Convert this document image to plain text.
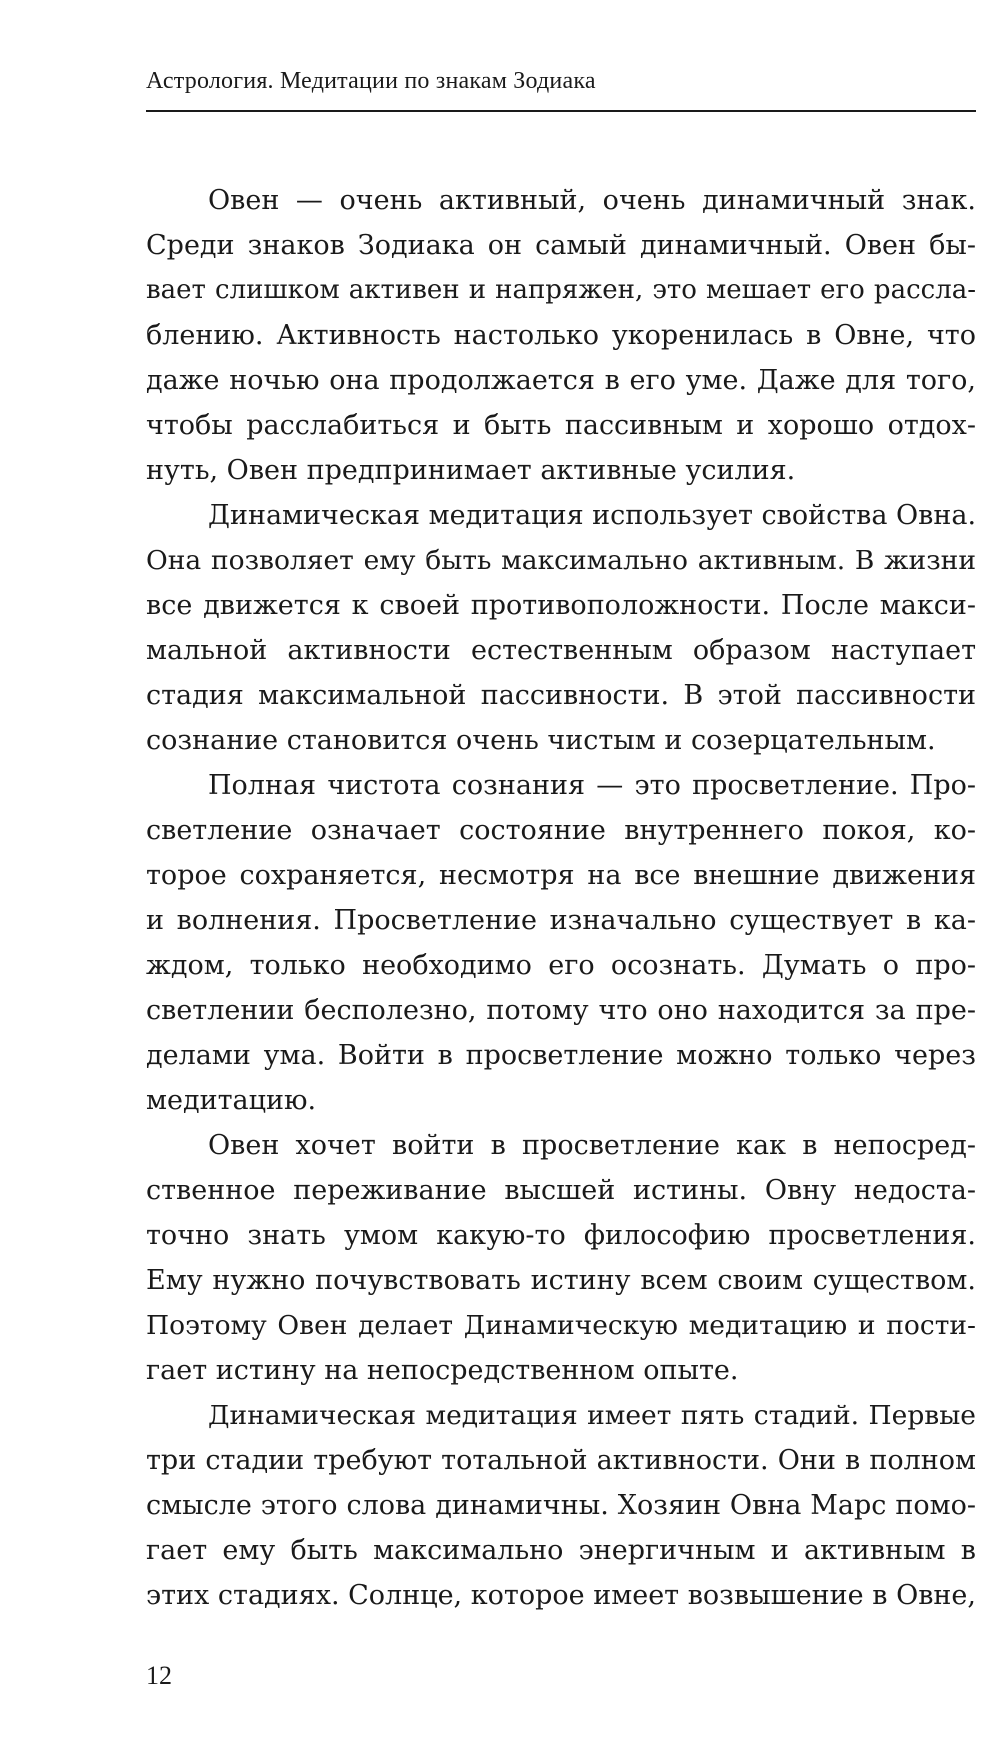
Астрология. Медитации по знакам Зодиака
Овен — очень активный, очень динамичный знак.
Среди знаков Зодиака он самый динамичный. Овен бы-
вает слишком активен и напряжен, это мешает его рассла-
блению. Активность настолько укоренилась в Овне, что
даже ночью она продолжается в его уме. Даже для того,
чтобы расслабиться и быть пассивным и хорошо отдох-
нуть, Овен предпринимает активные усилия.
Динамическая медитация использует свойства Овна.
Она позволяет ему быть максимально активным. В жизни
все движется к своей противоположности. После макси-
мальной активности естественным образом наступает
стадия максимальной пассивности. В этой пассивности
сознание становится очень чистым и созерцательным.
Полная чистота сознания — это просветление. Про-
светление означает состояние внутреннего покоя, ко-
торое сохраняется, несмотря на все внешние движения
и волнения. Просветление изначально существует в ка-
ждом, только необходимо его осознать. Думать о про-
светлении бесполезно, потому что оно находится за пре-
делами ума. Войти в просветление можно только через
медитацию.
Овен хочет войти в просветление как в непосред-
ственное переживание высшей истины. Овну недоста-
точно знать умом какую-то философию просветления.
Ему нужно почувствовать истину всем своим существом.
Поэтому Овен делает Динамическую медитацию и пости-
гает истину на непосредственном опыте.
Динамическая медитация имеет пять стадий. Первые
три стадии требуют тотальной активности. Они в полном
смысле этого слова динамичны. Хозяин Овна Марс помо-
гает ему быть максимально энергичным и активным в
этих стадиях. Солнце, которое имеет возвышение в Овне,
12
